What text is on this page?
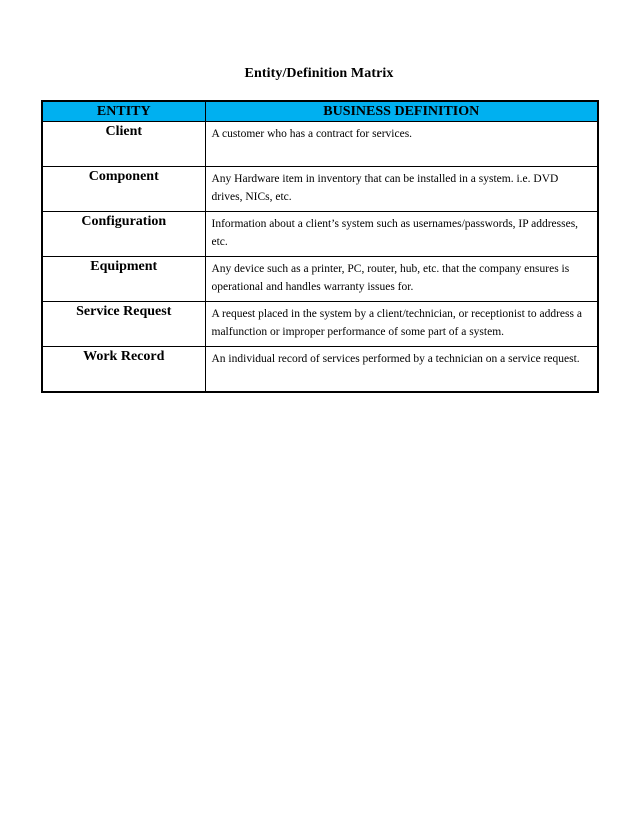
Entity/Definition Matrix
ENTITY	BUSINESS DEFINITION
Client	A customer who has a contract for services.
Component	Any Hardware item in inventory that can be installed in a system. i.e. DVD drives, NICs, etc.
Configuration	Information about a client’s system such as usernames/passwords, IP addresses, etc.
Equipment	Any device such as a printer, PC, router, hub, etc. that the company ensures is operational and handles warranty issues for.
Service Request	A request placed in the system by a client/technician, or receptionist to address a malfunction or improper performance of some part of a system.
Work Record	An individual record of services performed by a technician on a service request.
